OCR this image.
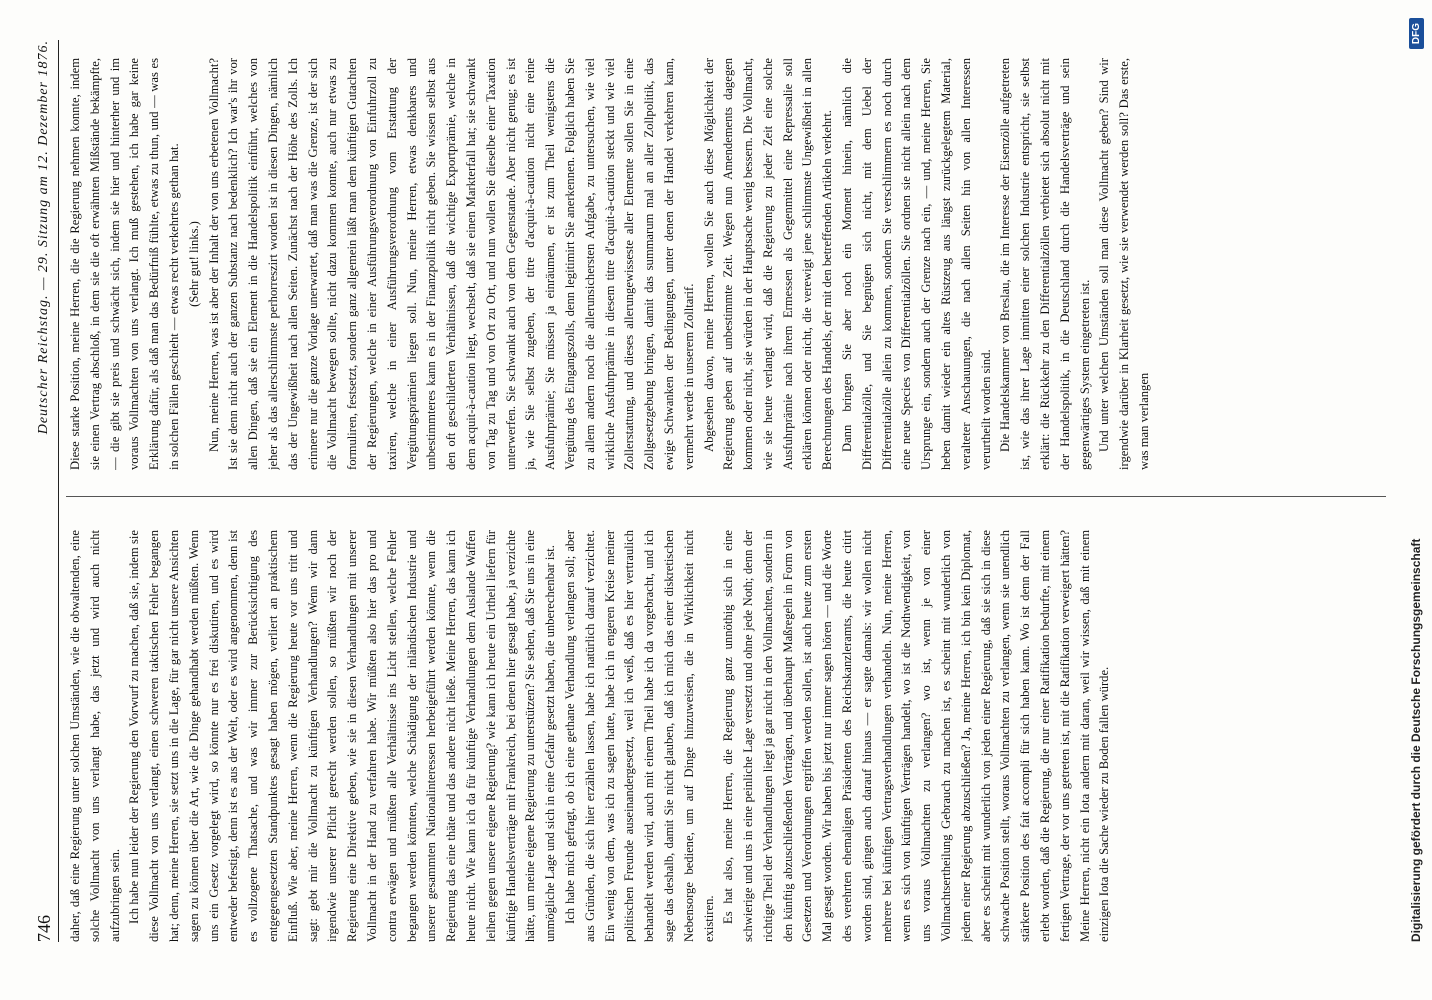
746
Deutscher Reichstag. — 29. Sitzung am 12. Dezember 1876.

daher, daß eine Regierung unter solchen Umständen, wie die obwaltenden, eine solche Vollmacht von uns verlangt habe, das jetzt und wird auch nicht aufzubringen sein. Ich habe nun leider der Regierung den Vorwurf zu machen, daß sie, indem sie diese Vollmacht von uns verlangt, einen schweren taktischen Fehler begangen hat; denn, meine Herren, sie setzt uns in die Lage, für gar nicht unsere Ansichten sagen zu können über die Art, wie die Dinge gehandhabt werden müßten. Wenn uns ein Gesetz vorgelegt wird, so könnte nur es frei diskutiren, und es wird entweder befestigt, denn ist es aus der Welt, oder es wird angenommen, denn ist es vollzogene Thatsache, und was wir immer zur Berücksichtigung des entgegengesetzten Standpunktes gesagt haben mögen, verliert an praktischem Einfluß. Wie aber, meine Herren, wenn die Regierung heute vor uns tritt und sagt: gebt mir die Vollmacht zu künftigen Verhandlungen? Wenn wir dann irgendwie unserer Pflicht gerecht werden sollen, so müßten wir noch der Regierung eine Direktive geben, wie sie in diesen Verhandlungen mit unserer Vollmacht in der Hand zu verfahren habe. Wir müßten also hier das pro und contra erwägen und müßten alle Verhältnisse ins Licht stellen, welche Fehler begangen werden könnten, welche Schädigung der inländischen Industrie und unserer gesammten Nationalinteressen herbeigeführt werden könnte, wenn die Regierung das eine thäte und das andere nicht ließe. Meine Herren, das kann ich heute nicht. Wie kann ich da für künftige Verhandlungen dem Auslande Waffen leihen gegen unsere eigene Regierung? wie kann ich heute ein Urtheil liefern für künftige Handelsverträge mit Frankreich, bei denen hier gesagt habe, ja verzichte hätte, um meine eigene Regierung zu unterstützen? Sie sehen, daß Sie uns in eine unmögliche Lage und sich in eine Gefahr gesetzt haben, die unberechenbar ist. Ich habe mich gefragt, ob ich eine gethane Verhandlung verlangen soll; aber aus Gründen, die sich hier erzählen lassen, habe ich natürlich darauf verzichtet. Ein wenig von dem, was ich zu sagen hatte, habe ich in engeren Kreise meiner politischen Freunde auseinandergesetzt, weil ich weiß, daß es hier vertraulich behandelt werden wird, auch mit einem Theil habe ich da vorgebracht, und ich sage das deshalb, damit Sie nicht glauben, daß ich mich das einer diskretischen Nebensorge bediene, um auf Dinge hinzuweisen, die in Wirklichkeit nicht existiren. Es hat also, meine Herren, die Regierung ganz unnöthig sich in eine schwierige und uns in eine peinliche Lage versetzt und ohne jede Noth; denn der richtige Theil der Verhandlungen liegt ja gar nicht in den Vollmachten, sondern in den künftig abzuschließenden Verträgen, und überhaupt Maßregeln in Form von Gesetzen und Verordnungen ergriffen werden sollen, ist auch heute zum ersten Mal gesagt worden. Wir haben bis jetzt nur immer sagen hören — und die Worte des verehrten ehemaligen Präsidenten des Reichskanzleramts, die heute citirt worden sind, gingen auch darauf hinaus — er sagte damals: wir wollen nicht mehrere bei künftigen Vertragsverhandlungen verhandeln. Nun, meine Herren, wenn es sich von künftigen Verträgen handelt, wo ist die Nothwendigkeit, von uns voraus Vollmachten zu verlangen? wo ist, wenn je von einer Vollmachtsertheilung Gebrauch zu machen ist, es scheint mit wunderlich von jedem einer Regierung abzuschließen? Ja, meine Herren, ich bin kein Diplomat, aber es scheint mit wunderlich von jeden einer Regierung, daß sie sich in diese schwache Position stellt, woraus Vollmachten zu verlangen, wenn sie unendlich stärkere Position des fait accompli für sich haben kann. Wo ist denn der Fall erlebt worden, daß die Regierung, die nur einer Ratifikation bedurfte, mit einem fertigen Vertrage, der vor uns getreten ist, mit die Ratifikation verweigert hätten? Meine Herren, nicht ein Iota andern mit daran, weil wir wissen, daß mit einem einzigen Iota die Sache wieder zu Boden fallen würde.

Diese starke Position, meine Herren, die die Regierung nehmen konnte, indem sie einen Vertrag abschloß, in dem sie die oft erwähnten Mißstände bekämpfte, — die gibt sie preis und schwächt sich, indem sie hier und hinterher und im voraus Vollmachten von uns verlangt. Ich muß gestehen, ich habe gar keine Erklärung dafür, als daß man das Bedürfniß fühlte, etwas zu thun, und — was es in solchen Fällen geschieht — etwas recht verkehrtes gethan hat. (Sehr gut! links.) Nun, meine Herren, was ist aber der Inhalt der von uns erbetenen Vollmacht? Ist sie denn nicht auch der ganzen Substanz nach bedenklich? Ich war's ihr vor allen Dingen, daß sie ein Element in die Handelspolitik einführt, welches von jeher als das allerschlimmste perhorreszirt worden ist in diesen Dingen, nämlich das der Ungewißheit nach allen Seiten. Zunächst nach der Höhe des Zolls. Ich erinnere nur die ganze Vorlage unerwartet, daß man was die Grenze, ist der sich die Vollmacht bewegen sollte, nicht dazu kommen konnte, auch nur etwas zu formuliren, festsetzt, sondern ganz allgemein läßt man dem künftigen Gutachten der Regierungen, welche in einer Ausführungsverordnung von Einfuhrzoll zu taxiren, welche in einer Ausführungsverordnung vom Erstattung der Vergütungsprämien liegen soll. Nun, meine Herren, etwas denkbares und unbestimmteres kann es in der Finanzpolitik nicht geben. Sie wissen selbst aus den oft geschilderten Verhältnissen, daß die wichtige Exportprämie, welche in dem acquit-à-caution liegt, wechselt, daß sie einen Markterfall hat; sie schwankt von Tag zu Tag und von Ort zu Ort, und nun wollen Sie dieselbe einer Taxation unterwerfen. Sie schwankt auch von dem Gegenstande. Aber nicht genug; es ist ja, wie Sie selbst zugeben, der titre d'acquit-à-caution nicht eine reine Ausfuhrprämie; Sie müssen ja einräumen, er ist zum Theil wenigstens die Vergütung des Eingangszolls, denn legitimirt Sie anerkennen. Folglich haben Sie zu allem andern noch die allerunsichersten Aufgabe, zu untersuchen, wie viel wirkliche Ausfuhrprämie in diesem titre d'acquit-à-caution steckt und wie viel Zollerstattung, und dieses allerungewisseste aller Elemente sollen Sie in eine Zollgesetzgebung bringen, damit das summarum mal an aller Zollpolitik, das ewige Schwanken der Bedingungen, unter denen der Handel verkehren kann, vermehrt werde in unserem Zolltarif. Abgesehen davon, meine Herren, wollen Sie auch diese Möglichkeit der Regierung geben auf unbestimmte Zeit. Wegen nun Amendements dagegen kommen oder nicht, sie würden in der Hauptsache wenig bessern. Die Vollmacht, wie sie heute verlangt wird, daß die Regierung zu jeder Zeit eine solche Ausfuhrprämie nach ihrem Ermessen als Gegenmittel eine Repressalie soll erklären können oder nicht, die verewigt jene schlimmste Ungewißheit in allen Berechnungen des Handels, der mit den betreffenden Artikeln verkehrt. Dann bringen Sie aber noch ein Moment hinein, nämlich die Differentialzölle, und Sie begnügen sich nicht, mit dem Uebel der Differentialzölle allein zu kommen, sondern Sie verschlimmern es noch durch eine neue Species von Differentialzöllen. Sie ordnen sie nicht allein nach dem Ursprunge ein, sondern auch der Grenze nach ein, — und, meine Herren, Sie heben damit wieder ein altes Rüstzeug aus längst zurückgelegtem Material, veralteter Anschauungen, die nach allen Seiten hin von allen Interessen verurtheilt worden sind. Die Handelskammer von Breslau, die im Interesse der Eisenzölle aufgetreten ist, wie das ihrer Lage inmitten einer solchen Industrie entspricht, sie selbst erklärt: die Rückkehr zu den Differentialzöllen verbietet sich absolut nicht mit der Handelspolitik, in die Deutschland durch die Handelsverträge und sein gegenwärtiges System eingetreten ist. Und unter welchen Umständen soll man diese Vollmacht geben? Sind wir irgendwie darüber in Klarheit gesetzt, wie sie verwendet werden soll? Das erste, was man verlangen

Digitalisierung gefördert durch die Deutsche Forschungsgemeinschaft
DFG
